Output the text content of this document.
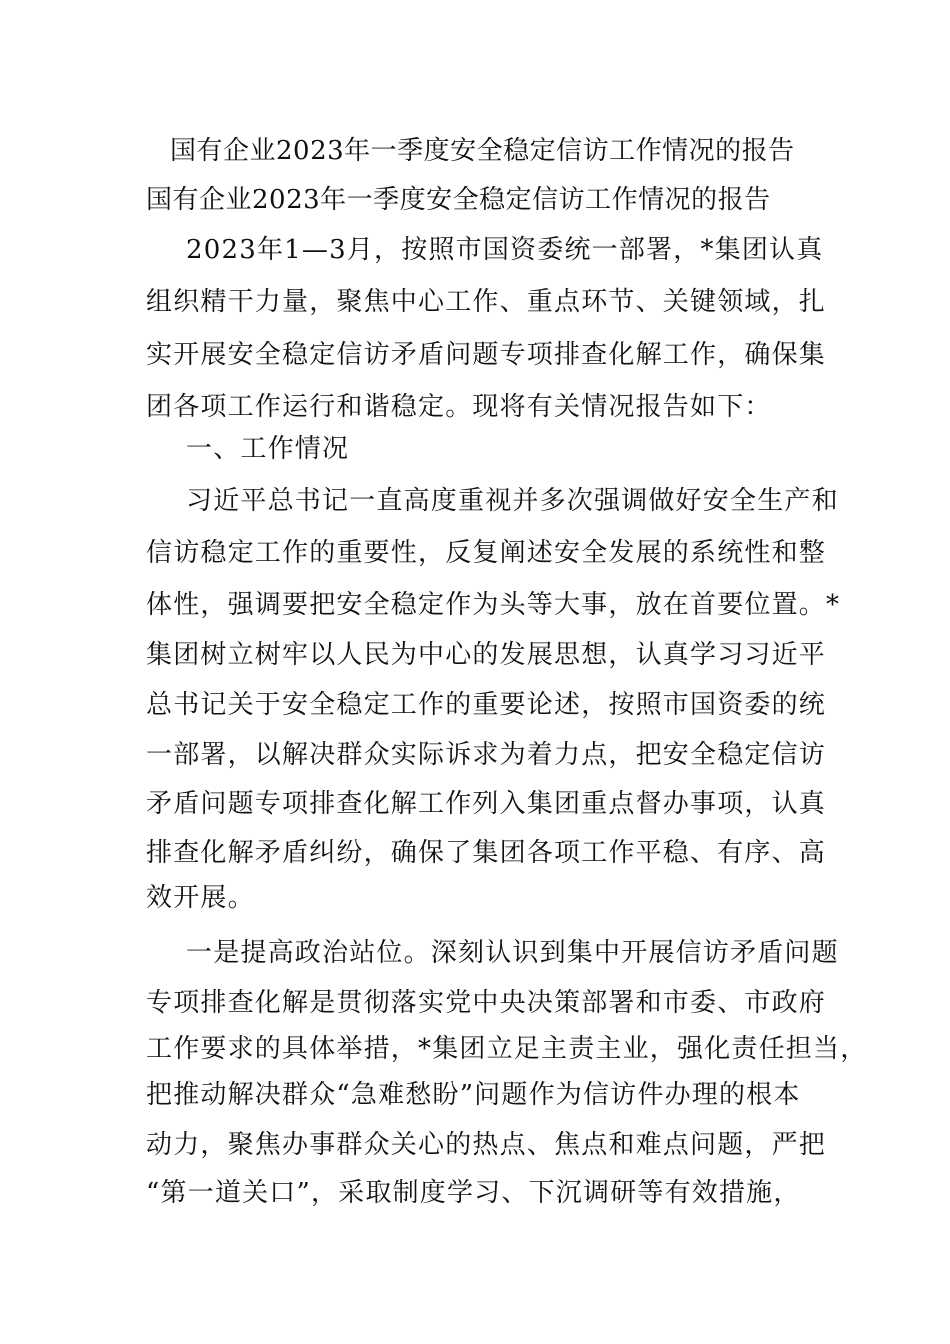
国有企业2023年一季度安全稳定信访工作情况的报告
国有企业2023年一季度安全稳定信访工作情况的报告
2023年1—3月，按照市国资委统一部署，*集团认真
组织精干力量，聚焦中心工作、重点环节、关键领域，扎
实开展安全稳定信访矛盾问题专项排查化解工作，确保集
团各项工作运行和谐稳定。现将有关情况报告如下：
一、工作情况
习近平总书记一直高度重视并多次强调做好安全生产和
信访稳定工作的重要性，反复阐述安全发展的系统性和整
体性，强调要把安全稳定作为头等大事，放在首要位置。*
集团树立树牢以人民为中心的发展思想，认真学习习近平
总书记关于安全稳定工作的重要论述，按照市国资委的统
一部署，以解决群众实际诉求为着力点，把安全稳定信访
矛盾问题专项排查化解工作列入集团重点督办事项，认真
排查化解矛盾纠纷，确保了集团各项工作平稳、有序、高
效开展。
一是提高政治站位。深刻认识到集中开展信访矛盾问题
专项排查化解是贯彻落实党中央决策部署和市委、市政府
工作要求的具体举措，*集团立足主责主业，强化责任担当，
把推动解决群众“急难愁盼”问题作为信访件办理的根本
动力，聚焦办事群众关心的热点、焦点和难点问题，严把
“第一道关口”，采取制度学习、下沉调研等有效措施，
